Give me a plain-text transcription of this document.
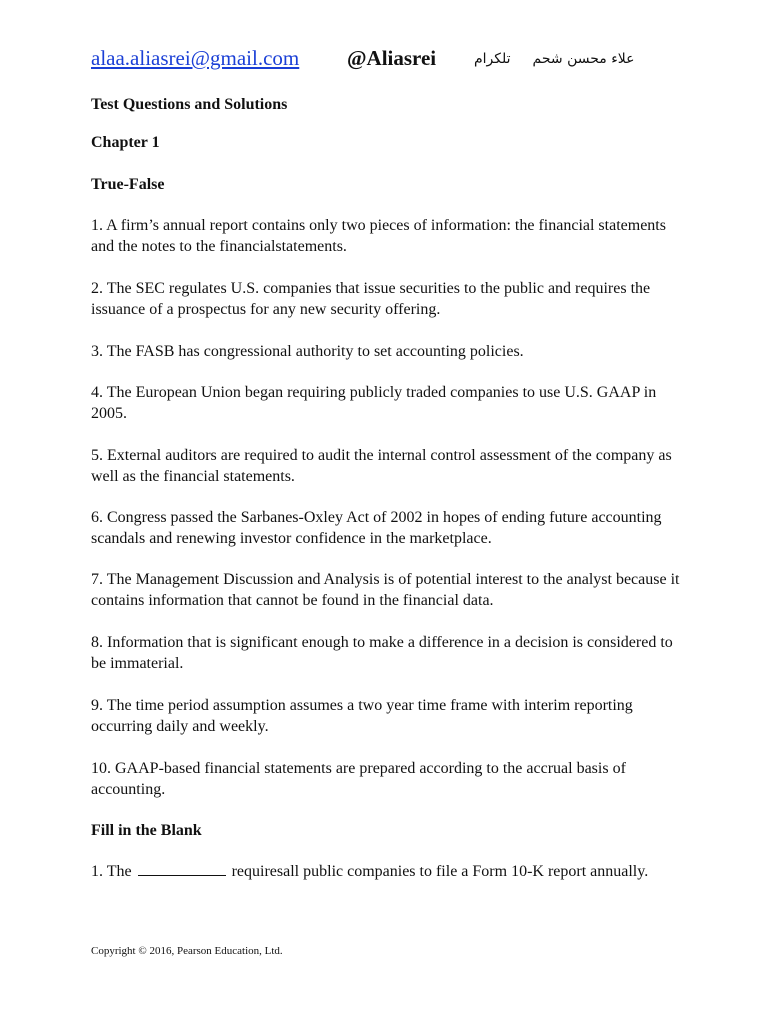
alaa.aliasrei@gmail.com @Aliasrei	علاء محسن شحمتلكرام
Test Questions and Solutions
Chapter 1
True-False
1. A firm’s annual report contains only two pieces of information: the financial statements and the notes to the financialstatements.
2. The SEC regulates U.S. companies that issue securities to the public and requires the issuance of a prospectus for any new security offering.
3. The FASB has congressional authority to set accounting policies.
4. The European Union began requiring publicly traded companies to use U.S. GAAP in 2005.
5. External auditors are required to audit the internal control assessment of the company as well as the financial statements.
6. Congress passed the Sarbanes-Oxley Act of 2002 in hopes of ending future accounting scandals and renewing investor confidence in the marketplace.
7. The Management Discussion and Analysis is of potential interest to the analyst because it contains information that cannot be found in the financial data.
8. Information that is significant enough to make a difference in a decision is considered to be immaterial.
9. The time period assumption assumes a two year time frame with interim reporting occurring daily and weekly.
10. GAAP-based financial statements are prepared according to the accrual basis of accounting.
Fill in the Blank
1. The	requiresall public companies to file a Form 10-K report annually.
Copyright © 2016, Pearson Education, Ltd.
